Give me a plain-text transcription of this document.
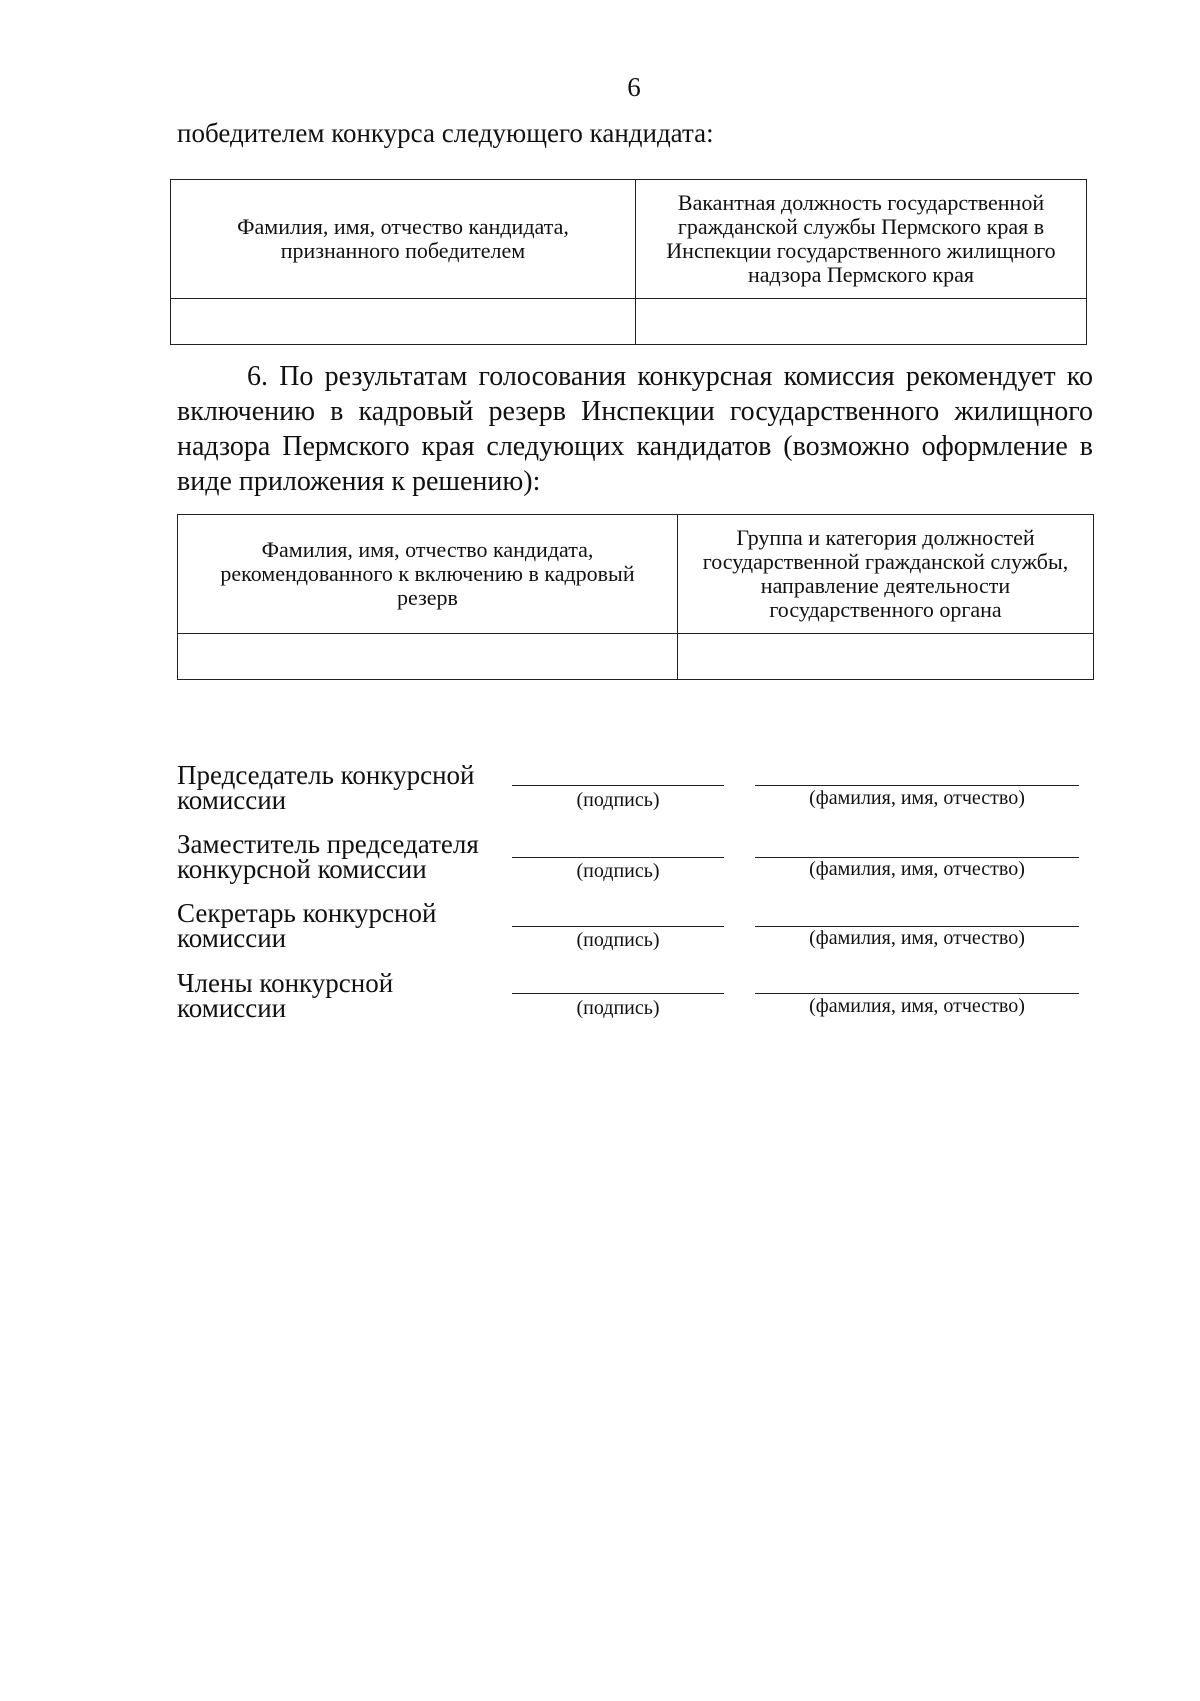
6
победителем конкурса следующего кандидата:
Фамилия, имя, отчество кандидата, признанного победителем	Вакантная должность государственной гражданской службы Пермского края в Инспекции государственного жилищного надзора Пермского края

6. По результатам голосования конкурсная комиссия рекомендует ко включению в кадровый резерв Инспекции государственного жилищного надзора Пермского края следующих кандидатов (возможно оформление в виде приложения к решению):
Фамилия, имя, отчество кандидата, рекомендованного к включению в кадровый резерв	Группа и категория должностей государственной гражданской службы, направление деятельности государственного органа

Председатель конкурсной
комиссии	(подпись)	(фамилия, имя, отчество)
Заместитель председателя
конкурсной комиссии	(подпись)	(фамилия, имя, отчество)
Секретарь конкурсной
комиссии	(подпись)	(фамилия, имя, отчество)
Члены конкурсной
комиссии	(подпись)	(фамилия, имя, отчество)
